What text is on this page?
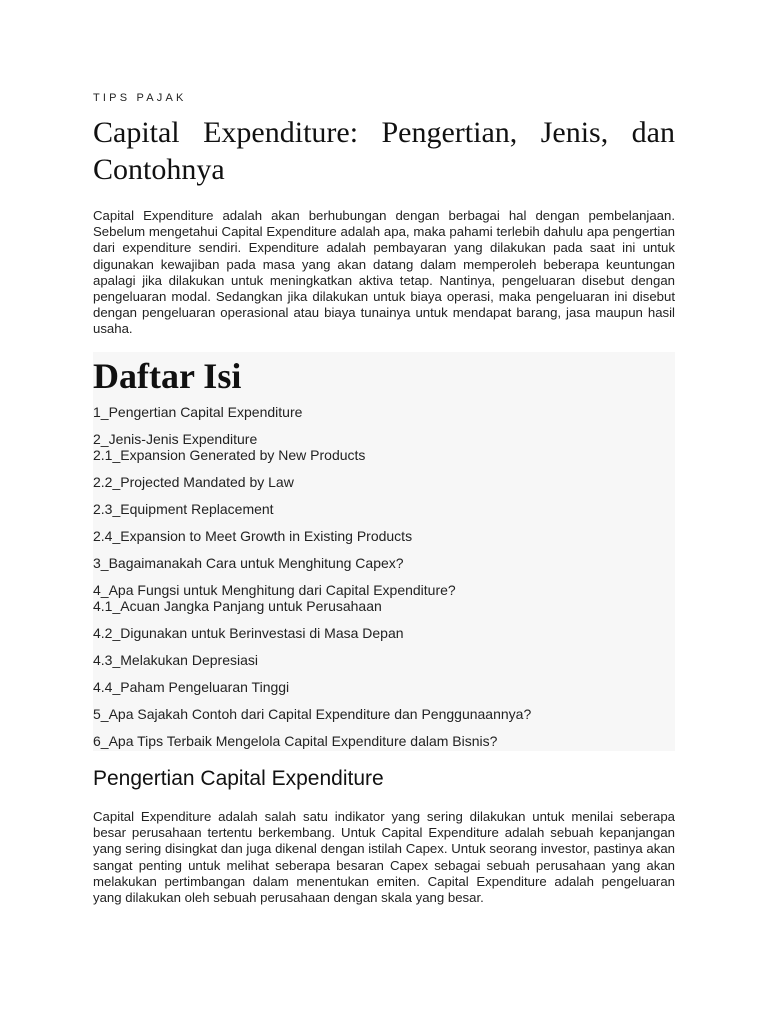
TIPS PAJAK
Capital Expenditure: Pengertian, Jenis, dan Contohnya

Capital Expenditure adalah akan berhubungan dengan berbagai hal dengan pembelanjaan. Sebelum mengetahui Capital Expenditure adalah apa, maka pahami terlebih dahulu apa pengertian dari expenditure sendiri. Expenditure adalah pembayaran yang dilakukan pada saat ini untuk digunakan kewajiban pada masa yang akan datang dalam memperoleh beberapa keuntungan apalagi jika dilakukan untuk meningkatkan aktiva tetap. Nantinya, pengeluaran disebut dengan pengeluaran modal. Sedangkan jika dilakukan untuk biaya operasi, maka pengeluaran ini disebut dengan pengeluaran operasional atau biaya tunainya untuk mendapat barang, jasa maupun hasil usaha.

Daftar Isi
1_Pengertian Capital Expenditure
2_Jenis-Jenis Expenditure
2.1_Expansion Generated by New Products
2.2_Projected Mandated by Law
2.3_Equipment Replacement
2.4_Expansion to Meet Growth in Existing Products
3_Bagaimanakah Cara untuk Menghitung Capex?
4_Apa Fungsi untuk Menghitung dari Capital Expenditure?
4.1_Acuan Jangka Panjang untuk Perusahaan
4.2_Digunakan untuk Berinvestasi di Masa Depan
4.3_Melakukan Depresiasi
4.4_Paham Pengeluaran Tinggi
5_Apa Sajakah Contoh dari Capital Expenditure dan Penggunaannya?
6_Apa Tips Terbaik Mengelola Capital Expenditure dalam Bisnis?
Pengertian Capital Expenditure

Capital Expenditure adalah salah satu indikator yang sering dilakukan untuk menilai seberapa besar perusahaan tertentu berkembang. Untuk Capital Expenditure adalah sebuah kepanjangan yang sering disingkat dan juga dikenal dengan istilah Capex. Untuk seorang investor, pastinya akan sangat penting untuk melihat seberapa besaran Capex sebagai sebuah perusahaan yang akan melakukan pertimbangan dalam menentukan emiten. Capital Expenditure adalah pengeluaran yang dilakukan oleh sebuah perusahaan dengan skala yang besar.
